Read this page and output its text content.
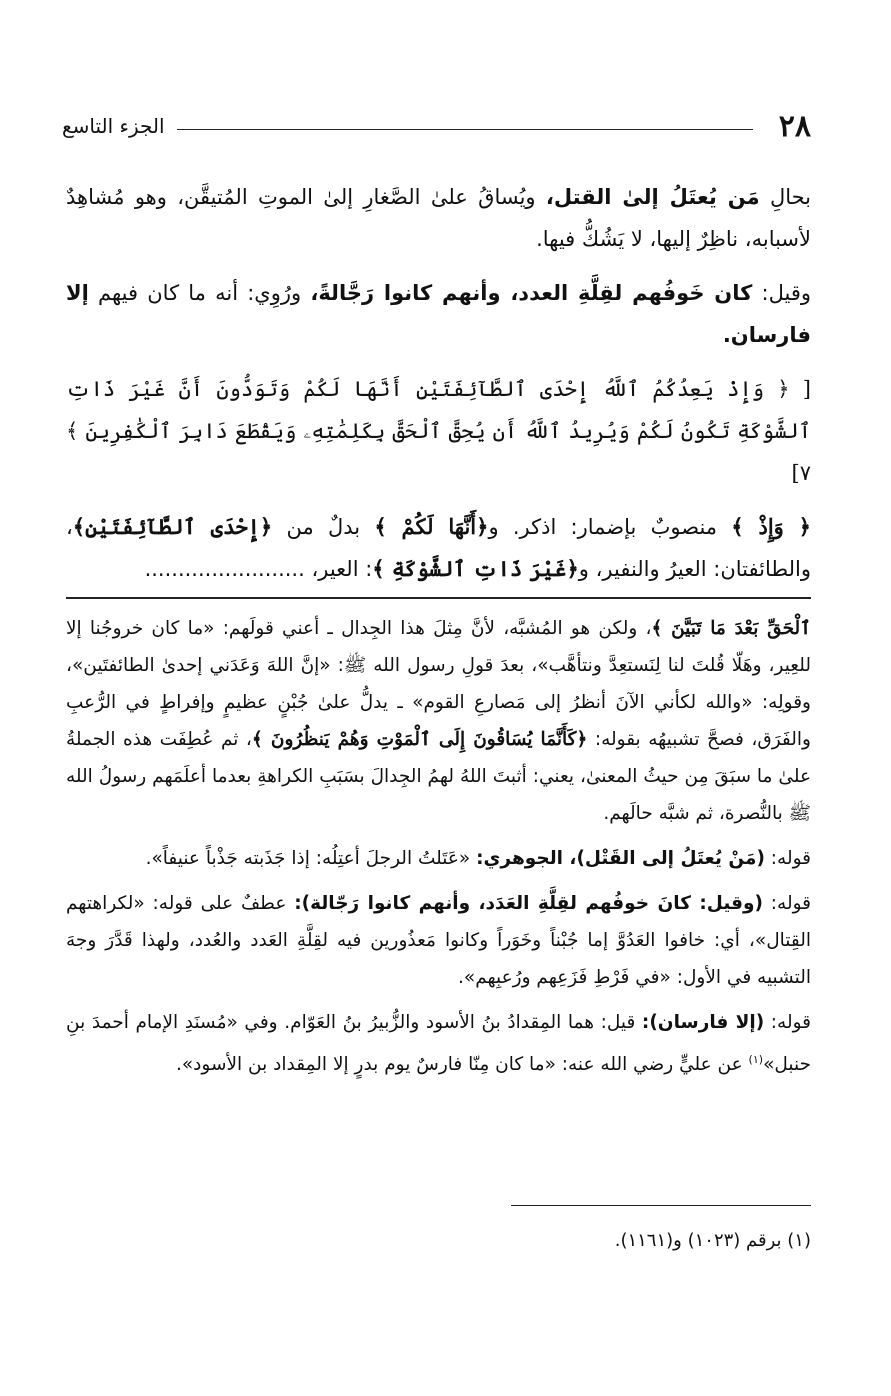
٢٨
الجزء التاسع

بحالِ مَن يُعتَلُ إلىٰ القتل، ويُساقُ علىٰ الصَّغارِ إلىٰ الموتِ المُتيقَّن، وهو مُشاهِدٌ لأسبابه، ناظِرٌ إليها، لا يَشُكُّ فيها.

وقيل: كان خَوفُهم لقِلَّةِ العدد، وأنهم كانوا رَجَّالةً، ورُوِي: أنه ما كان فيهم إلا فارسان.

[ ﴿ وَإِذْ يَعِدُكُمُ ٱللَّهُ إِحْدَى ٱلطَّآئِفَتَيْنِ أَنَّهَا لَكُمْ وَتَوَدُّونَ أَنَّ غَيْرَ ذَاتِ ٱلشَّوْكَةِ تَكُونُ لَكُمْ وَيُرِيدُ ٱللَّهُ أَن يُحِقَّ ٱلْحَقَّ بِكَلِمَٰتِهِۦ وَيَقْطَعَ دَابِرَ ٱلْكَٰفِرِينَ ﴾ ٧]

﴿ وَإِذْ ﴾ منصوبٌ بإضمار: اذكر. و﴿أَنَّهَا لَكُمْ ﴾ بدلٌ من ﴿إِحْدَى ٱلطَّآئِفَتَيْنِ﴾، والطائفتان: العيرُ والنفير، و﴿غَيْرَ ذَاتِ ٱلشَّوْكَةِ ﴾: العير، ........................

ٱلْحَقِّ بَعْدَ مَا تَبَيَّنَ ﴾، ولكن هو المُشبَّه، لأنَّ مِثلَ هذا الجِدال ـ أعني قولَهم: «ما كان خروجُنا إلا للعِير، وهَلّا قُلتَ لنا لِنَستعِدَّ ونتأهَّب»، بعدَ قولِ رسول الله ﷺ: «إنَّ اللهَ وَعَدَني إحدىٰ الطائفتَين»، وقولِه: «والله لكأني الآنَ أنظرُ إلى مَصارعِ القوم» ـ يدلُّ علىٰ جُبْنٍ عظيمٍ وإفراطٍ في الرُّعبِ والفَرَق، فصحَّ تشبيهُه بقوله: ﴿كَأَنَّمَا يُسَاقُونَ إِلَى ٱلْمَوْتِ وَهُمْ يَنظُرُونَ ﴾، ثم عُطِفَت هذه الجملةُ علىٰ ما سبَقَ مِن حيثُ المعنىٰ، يعني: أثبتَ اللهُ لهمُ الجِدالَ بسَبَبِ الكراهةِ بعدما أعلَمَهم رسولُ الله ﷺ بالنُّصرة، ثم شبَّه حالَهم.

قوله: (مَنْ يُعتَلُ إلى القَتْل)، الجوهري: «عَتَلتُ الرجلَ أعتِلُه: إذا جَذَبته جَذْباً عنيفاً».

قوله: (وقيل: كانَ خوفُهم لقِلَّةِ العَدَد، وأنهم كانوا رَجّالة): عطفٌ على قوله: «لكراهتهم القِتال»، أي: خافوا العَدُوَّ إما جُبْناً وخَوَراً وكانوا مَعذُورين فيه لقِلَّةِ العَدد والعُدد، ولهذا قَدَّرَ وجهَ التشبيه في الأول: «في فَرْطِ فَزَعِهم ورُعبِهم».

قوله: (إلا فارسان): قيل: هما المِقدادُ بنُ الأسود والزُّبيرُ بنُ العَوّام. وفي «مُسنَدِ الإمام أحمدَ بنِ حنبل»$^{(١)}$ عن عليٍّ رضي الله عنه: «ما كان مِنّا فارسٌ يوم بدرٍ إلا المِقداد بن الأسود».

(١) برقم (١٠٢٣) و(١١٦١).
